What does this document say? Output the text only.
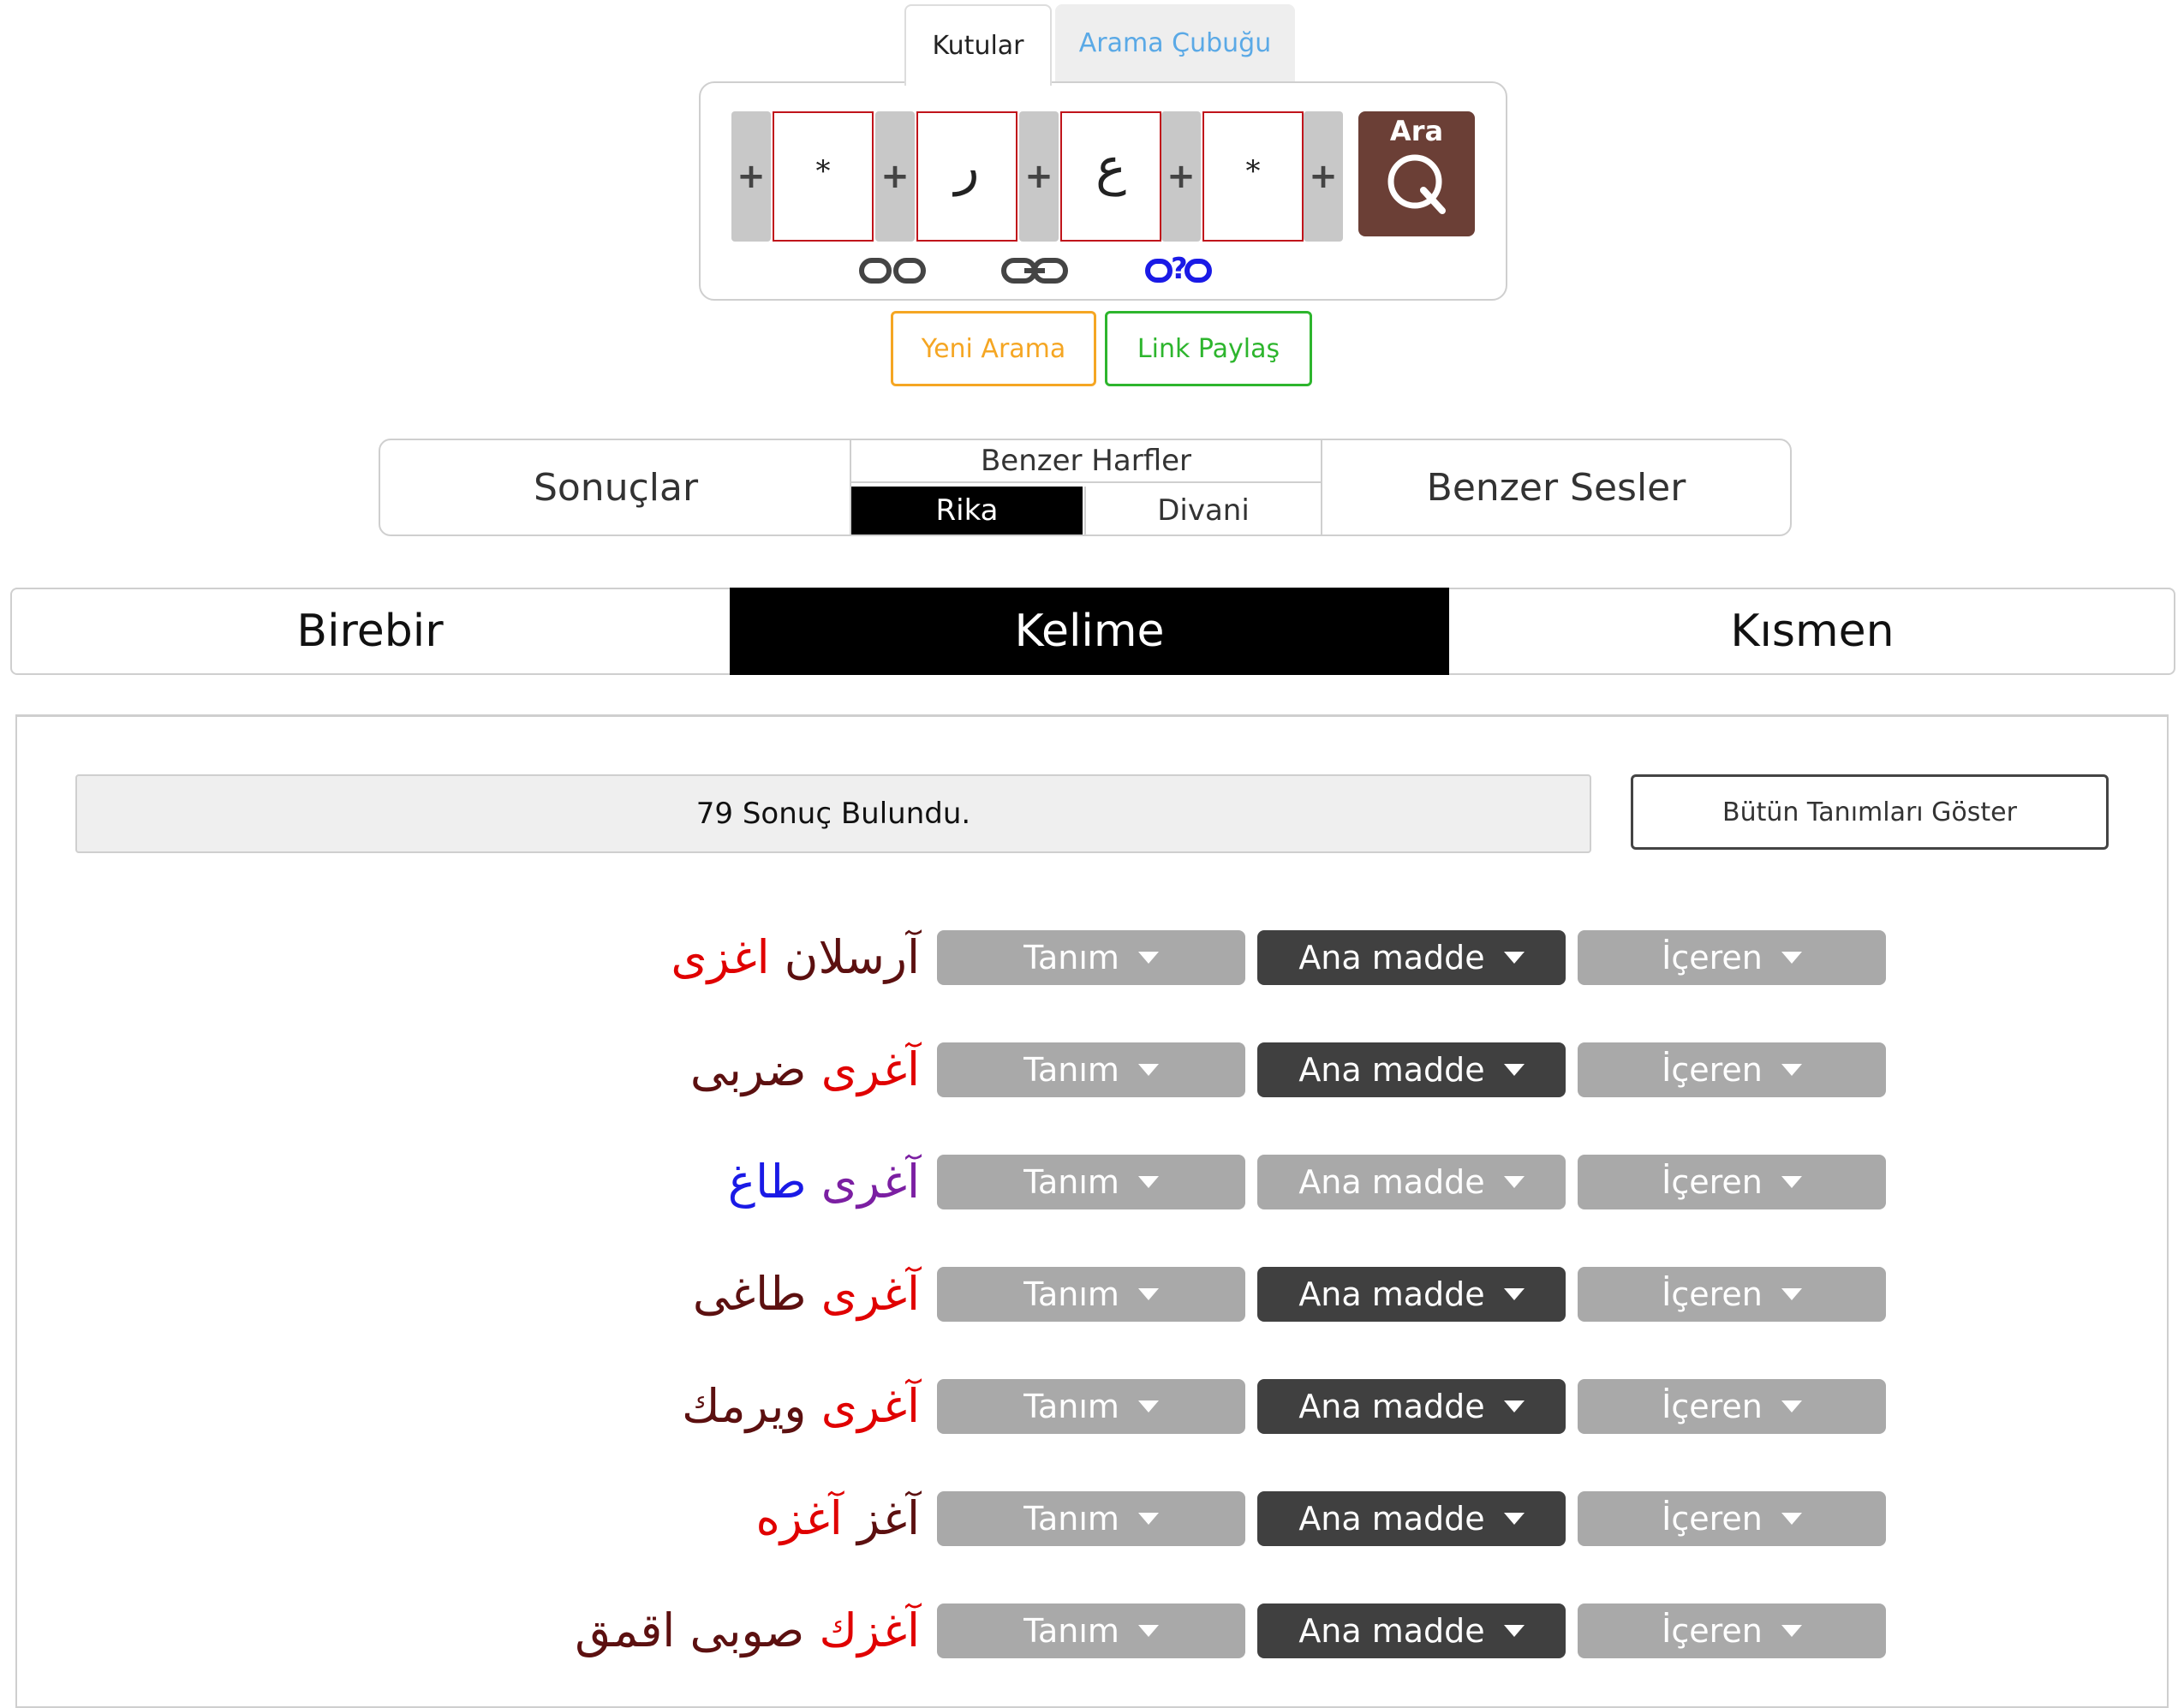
Kutular	Arama Çubuğu
+	*	+ ر	+ ع	+	*	+
Ara
?
Yeni Arama	Link Paylaş
Sonuçlar
Benzer Harfler
Rika	Divani
Benzer Sesler
Birebir	Kelime	Kısmen
79 Sonuç Bulundu.	Bütün Tanımları Göster
آرسلان اغزی	Tanım	Ana madde	İçeren
آغری ضربی	Tanım	Ana madde	İçeren
آغری طاغ	Tanım	Ana madde	İçeren
آغری طاغی	Tanım	Ana madde	İçeren
آغری ویرمك	Tanım	Ana madde	İçeren
آغز آغزه	Tanım	Ana madde	İçeren
آغزك صوبی اقمق	Tanım	Ana madde	İçeren
